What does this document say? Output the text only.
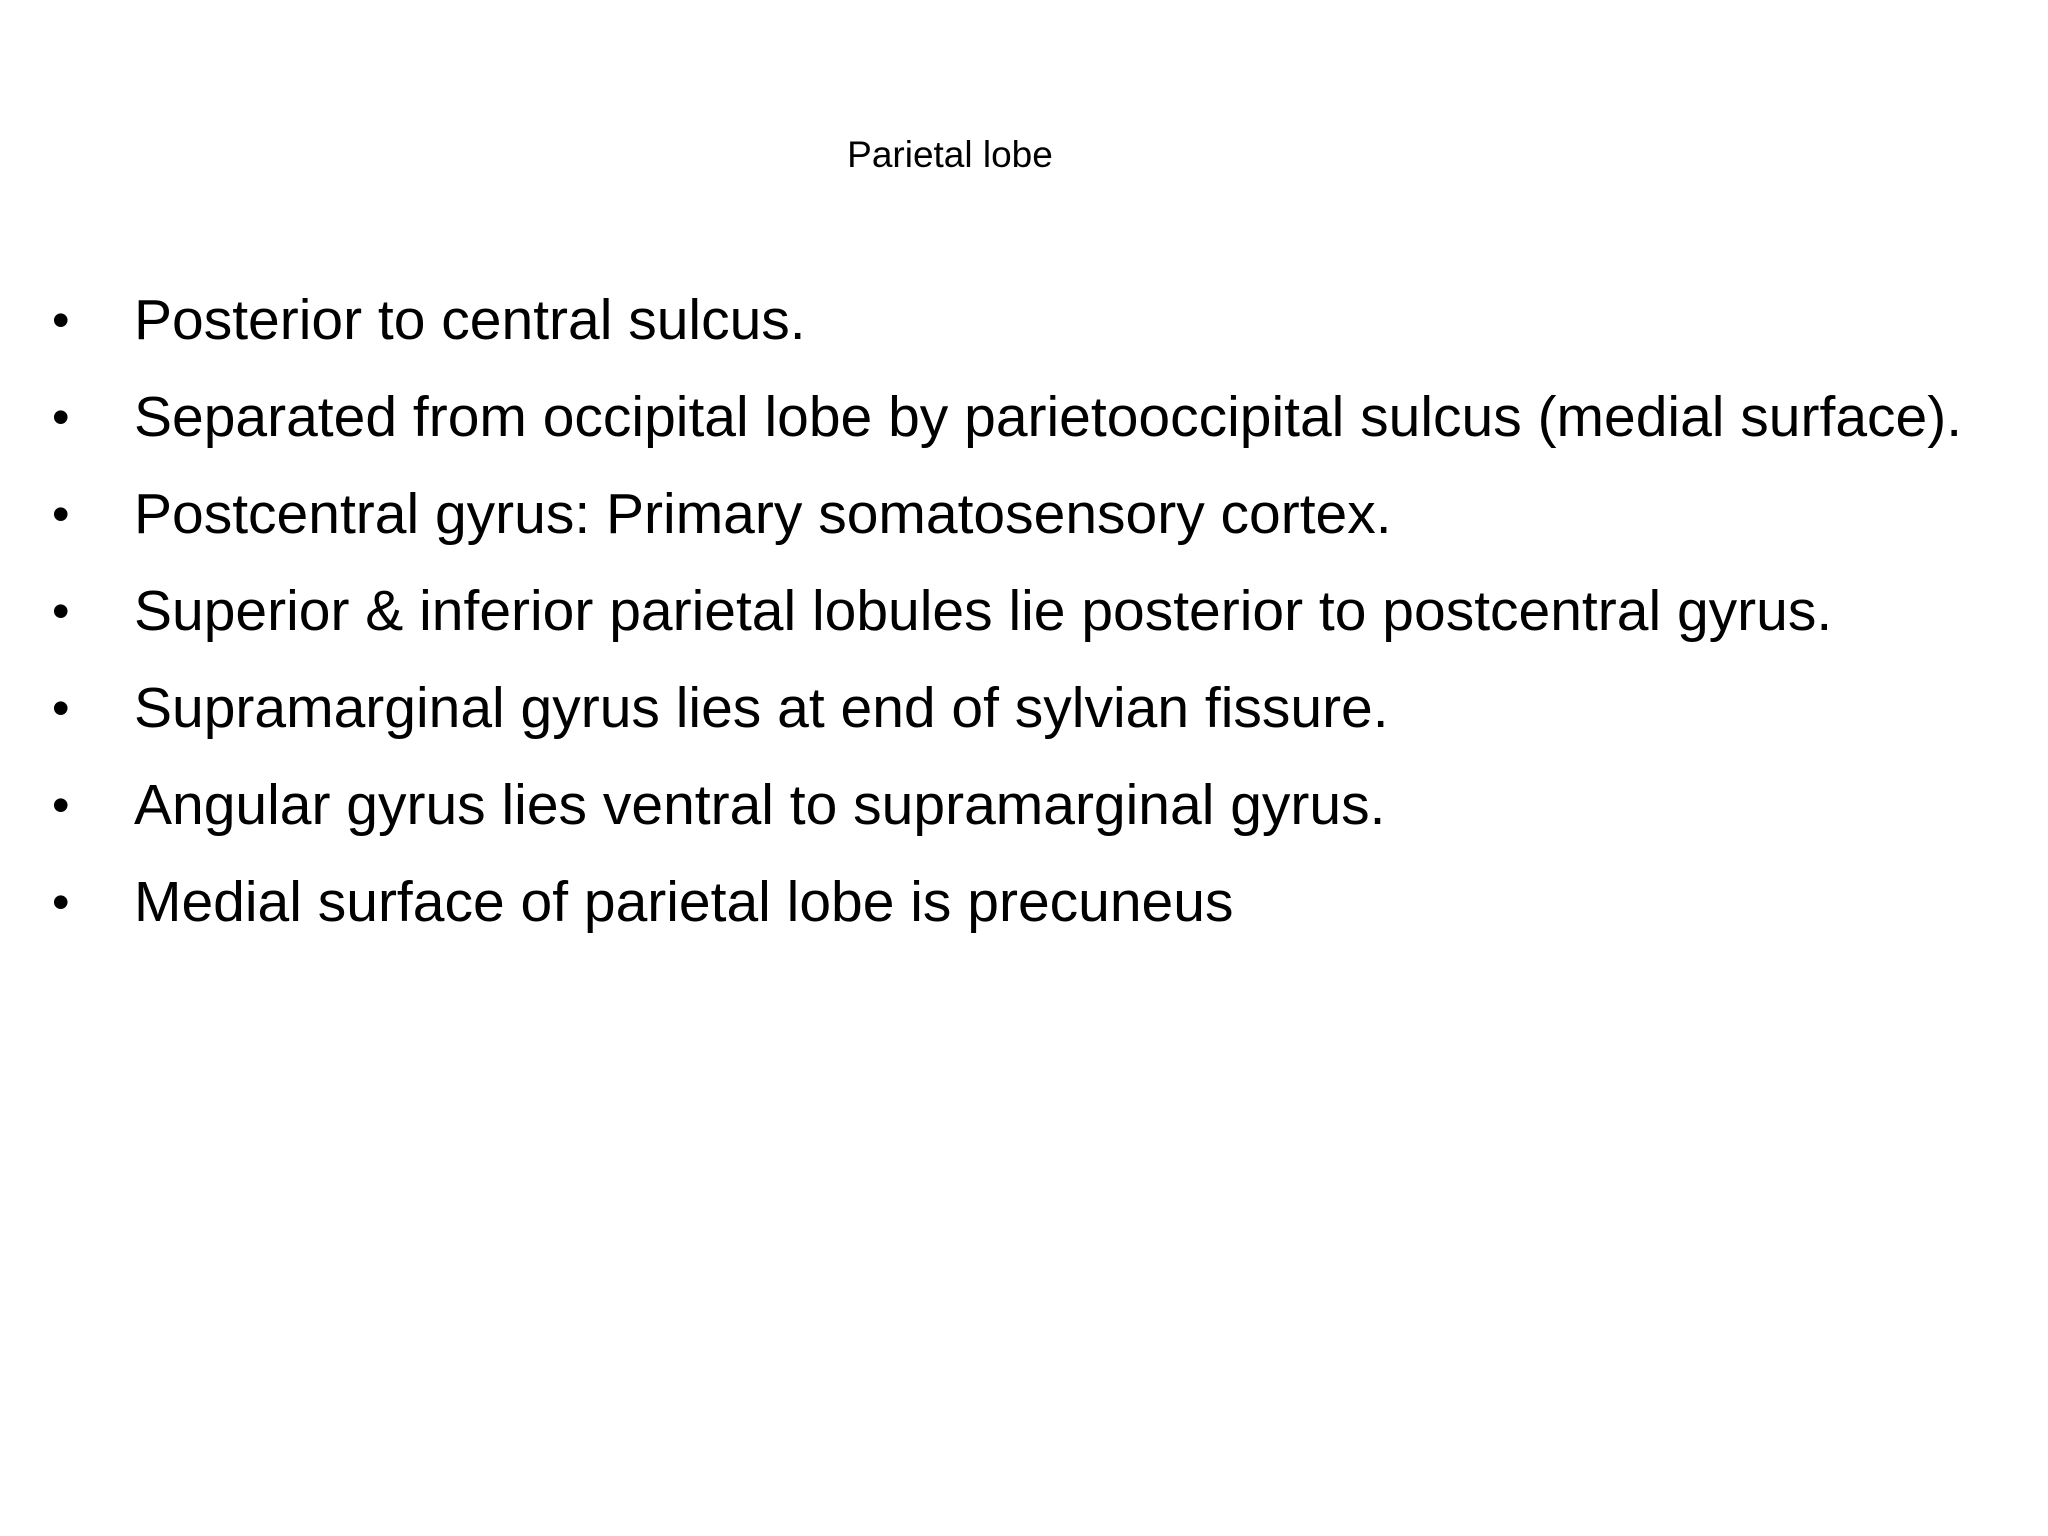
Parietal lobe
•	Posterior to central sulcus.
•	Separated from occipital lobe by parietooccipital sulcus (medial surface).
•	Postcentral gyrus: Primary somatosensory cortex.
•	Superior & inferior parietal lobules lie posterior to postcentral gyrus.
•	Supramarginal gyrus lies at end of sylvian fissure.
•	Angular gyrus lies ventral to supramarginal gyrus.
•	Medial surface of parietal lobe is precuneus
